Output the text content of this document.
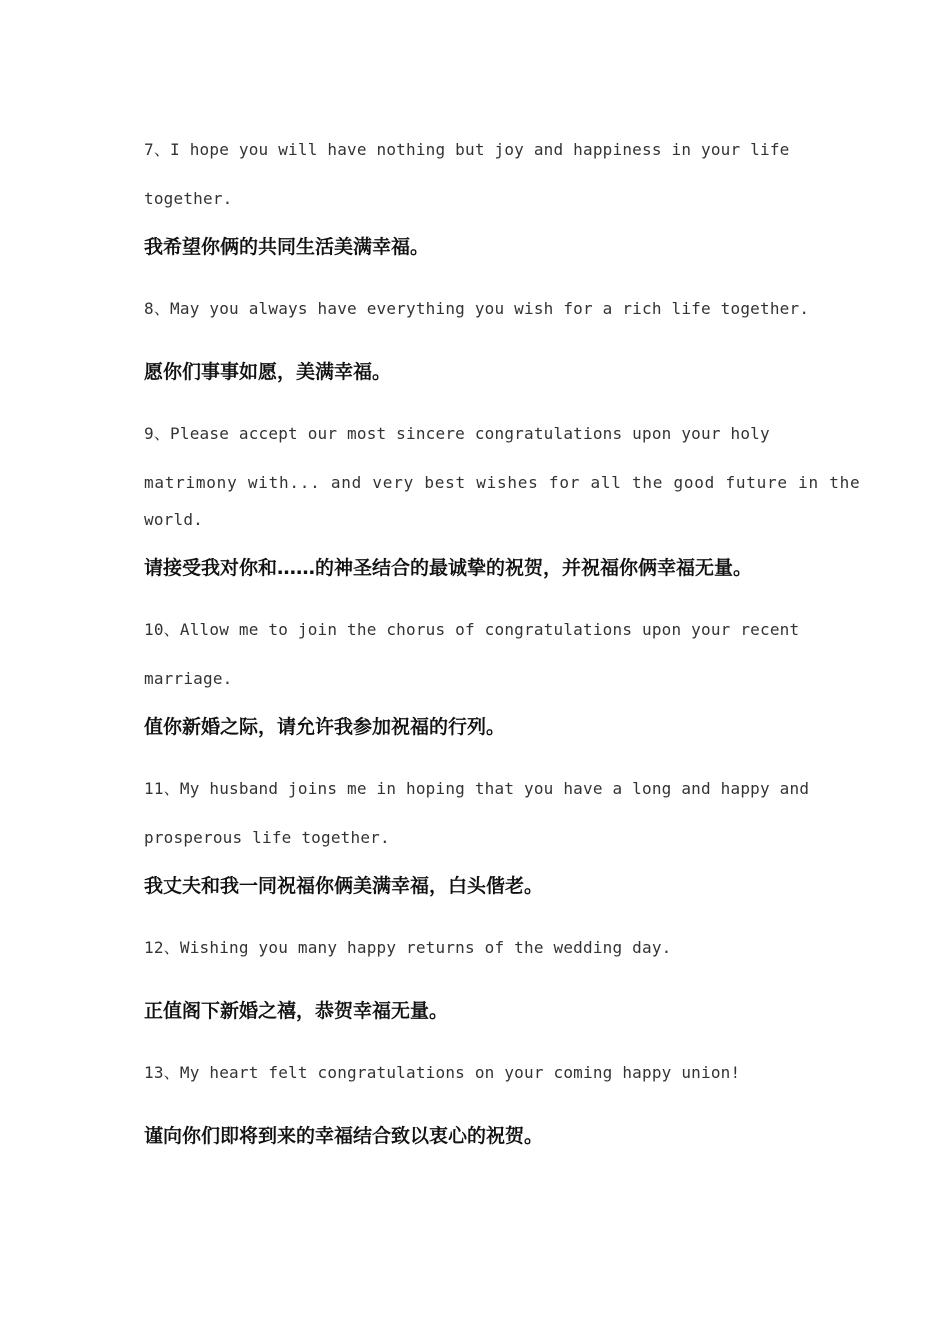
7、I hope you will have nothing but joy and happiness in your life

together.

我希望你俩的共同生活美满幸福。

8、May you always have everything you wish for a rich life together.

愿你们事事如愿，美满幸福。

9、Please accept our most sincere congratulations upon your holy

matrimony with... and very best wishes for all the good future in the

world.

请接受我对你和……的神圣结合的最诚挚的祝贺，并祝福你俩幸福无量。

10、Allow me to join the chorus of congratulations upon your recent

marriage.

值你新婚之际，请允许我参加祝福的行列。

11、My husband joins me in hoping that you have a long and happy and

prosperous life together.

我丈夫和我一同祝福你俩美满幸福，白头偕老。

12、Wishing you many happy returns of the wedding day.

正值阁下新婚之禧，恭贺幸福无量。

13、My heart felt congratulations on your coming happy union!

谨向你们即将到来的幸福结合致以衷心的祝贺。
